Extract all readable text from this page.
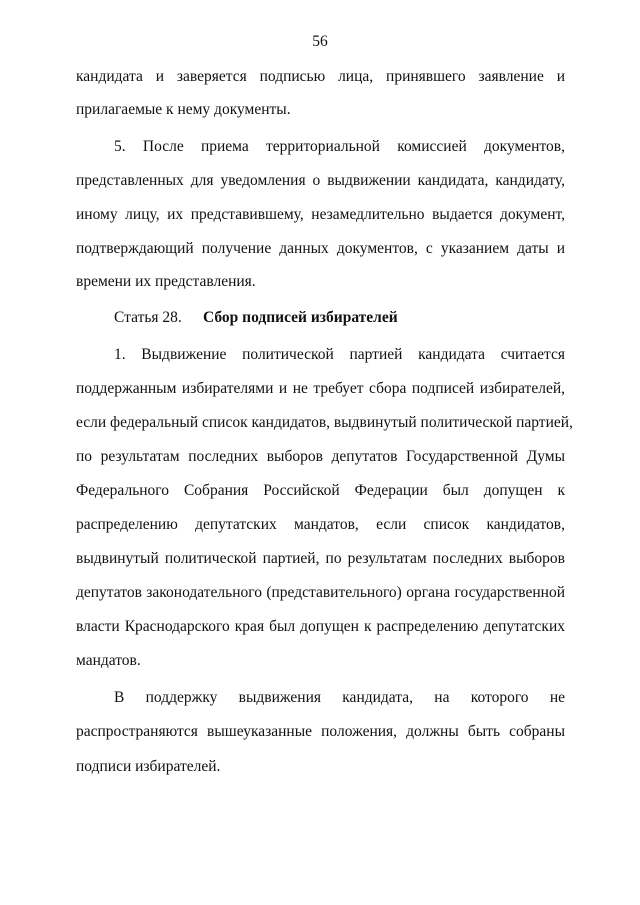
56
кандидата и заверяется подписью лица, принявшего заявление и
прилагаемые к нему документы.
5. После приема территориальной комиссией документов,
представленных для уведомления о выдвижении кандидата, кандидату,
иному лицу, их представившему, незамедлительно выдается документ,
подтверждающий получение данных документов, с указанием даты и
времени их представления.
Статья 28. Сбор подписей избирателей
1. Выдвижение политической партией кандидата считается
поддержанным избирателями и не требует сбора подписей избирателей,
если федеральный список кандидатов, выдвинутый политической партией,
по результатам последних выборов депутатов Государственной Думы
Федерального Собрания Российской Федерации был допущен к
распределению депутатских мандатов, если список кандидатов,
выдвинутый политической партией, по результатам последних выборов
депутатов законодательного (представительного) органа государственной
власти Краснодарского края был допущен к распределению депутатских
мандатов.
В поддержку выдвижения кандидата, на которого не
распространяются вышеуказанные положения, должны быть собраны
подписи избирателей.
